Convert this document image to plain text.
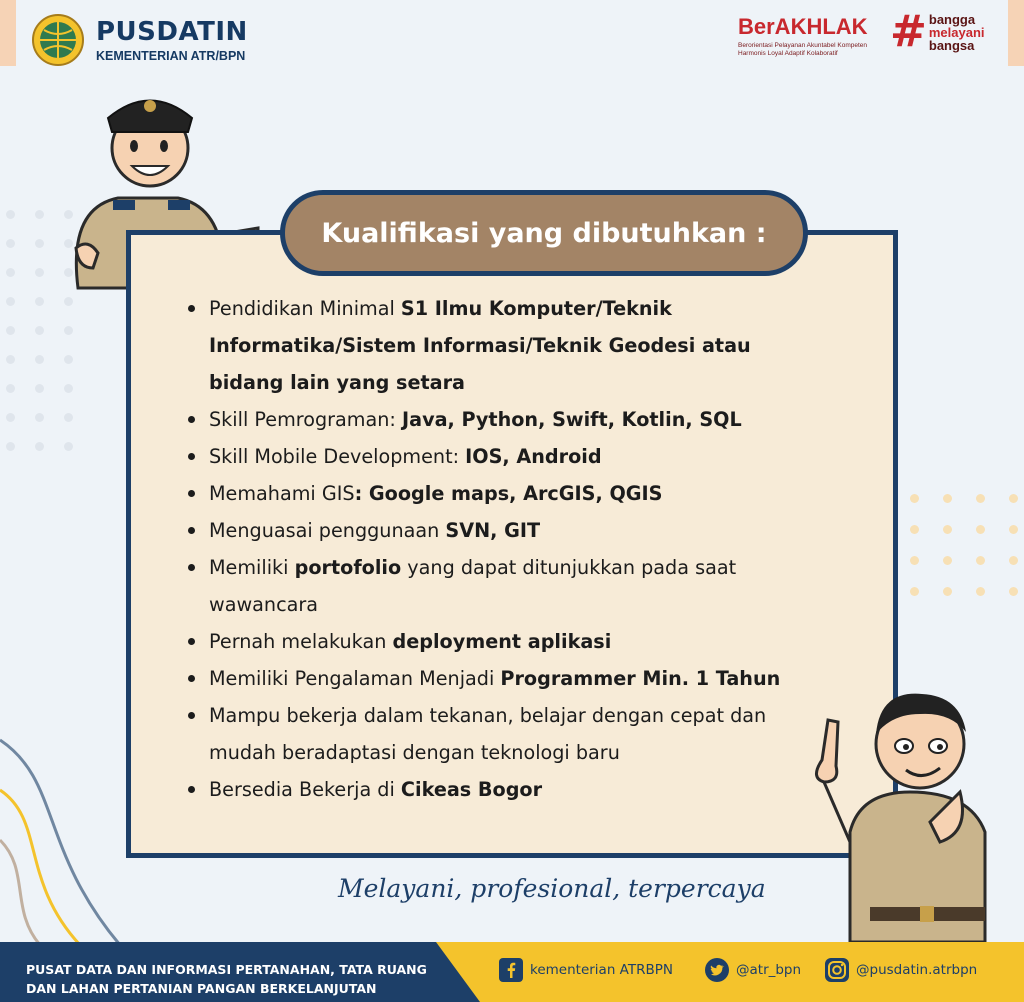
PUSDATIN
KEMENTERIAN ATR/BPN
BerAKHLAK
Berorientasi Pelayanan Akuntabel Kompeten Harmonis Loyal Adaptif Kolaboratif	# bangga
melayani
bangsa
Kualifikasi yang dibutuhkan :
Pendidikan Minimal S1 Ilmu Komputer/Teknik Informatika/Sistem Informasi/Teknik Geodesi atau bidang lain yang setara
Skill Pemrograman: Java, Python, Swift, Kotlin, SQL
Skill Mobile Development: IOS, Android
Memahami GIS: Google maps, ArcGIS, QGIS
Menguasai penggunaan SVN, GIT
Memiliki portofolio yang dapat ditunjukkan pada saat wawancara
Pernah melakukan deployment aplikasi
Memiliki Pengalaman Menjadi Programmer Min. 1 Tahun
Mampu bekerja dalam tekanan, belajar dengan cepat dan mudah beradaptasi dengan teknologi baru
Bersedia Bekerja di Cikeas Bogor
Melayani, profesional, terpercaya
PUSAT DATA DAN INFORMASI PERTANAHAN, TATA RUANG
DAN LAHAN PERTANIAN PANGAN BERKELANJUTAN
kementerian ATRBPN	@atr_bpn	@pusdatin.atrbpn
